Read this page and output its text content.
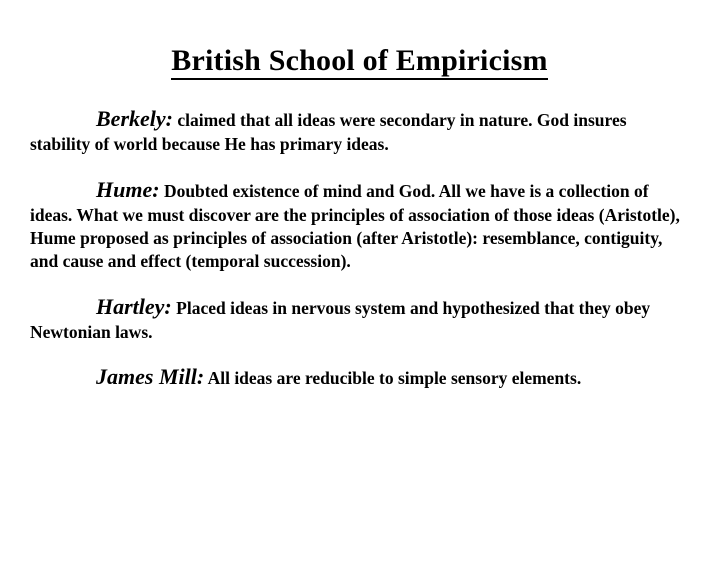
British School of Empiricism

Berkely: claimed that all ideas were secondary in nature. God insures stability of world because He has primary ideas.

Hume: Doubted existence of mind and God. All we have is a collection of ideas. What we must discover are the principles of association of those ideas (Aristotle), Hume proposed as principles of association (after Aristotle): resemblance, contiguity, and cause and effect (temporal succession).

Hartley: Placed ideas in nervous system and hypothesized that they obey Newtonian laws.

James Mill: All ideas are reducible to simple sensory elements.
